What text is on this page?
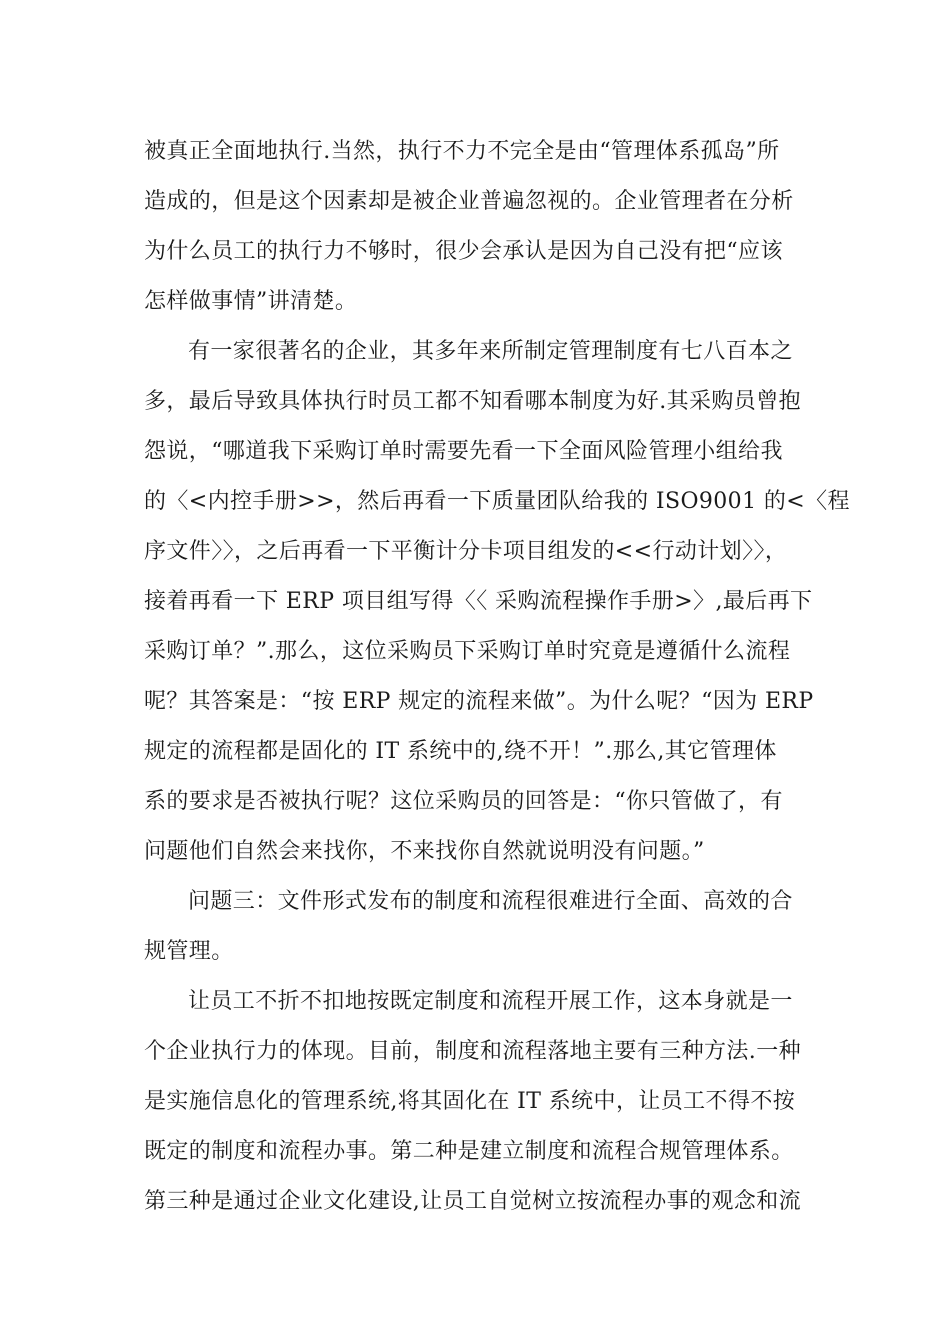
被真正全面地执行.当然，执行不力不完全是由“管理体系孤岛”所
造成的，但是这个因素却是被企业普遍忽视的。企业管理者在分析
为什么员工的执行力不够时，很少会承认是因为自己没有把“应该
怎样做事情”讲清楚。
有一家很著名的企业，其多年来所制定管理制度有七八百本之
多，最后导致具体执行时员工都不知看哪本制度为好.其采购员曾抱
怨说，“哪道我下采购订单时需要先看一下全面风险管理小组给我
的〈<内控手册>>，然后再看一下质量团队给我的 ISO9001 的<〈程
序文件〉〉，之后再看一下平衡计分卡项目组发的<<行动计划〉〉，
接着再看一下 ERP 项目组写得〈〈 采购流程操作手册>〉,最后再下
采购订单？”.那么，这位采购员下采购订单时究竟是遵循什么流程
呢？其答案是：“按 ERP 规定的流程来做”。为什么呢？“因为 ERP
规定的流程都是固化的 IT 系统中的,绕不开！”.那么,其它管理体
系的要求是否被执行呢？这位采购员的回答是：“你只管做了，有
问题他们自然会来找你，不来找你自然就说明没有问题。”
问题三：文件形式发布的制度和流程很难进行全面、高效的合
规管理。
让员工不折不扣地按既定制度和流程开展工作，这本身就是一
个企业执行力的体现。目前，制度和流程落地主要有三种方法.一种
是实施信息化的管理系统,将其固化在 IT 系统中，让员工不得不按
既定的制度和流程办事。第二种是建立制度和流程合规管理体系。
第三种是通过企业文化建设,让员工自觉树立按流程办事的观念和流
